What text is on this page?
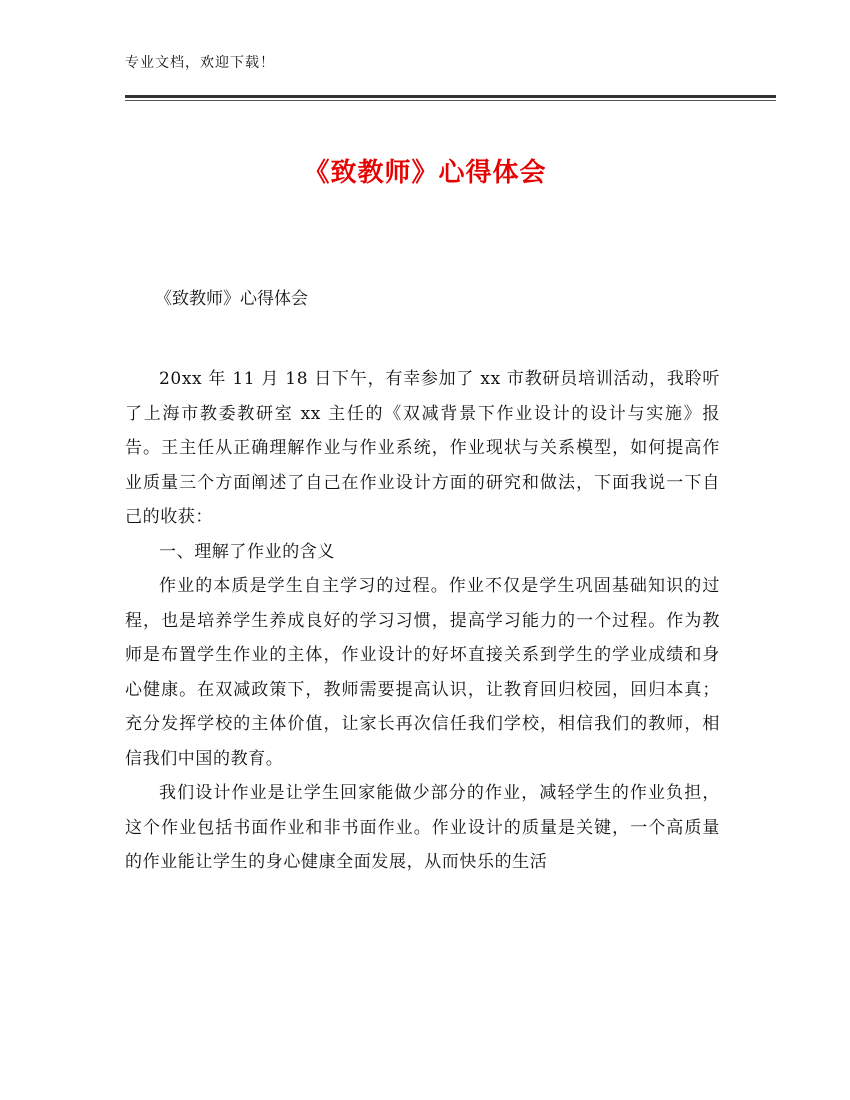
专业文档，欢迎下载！
《致教师》心得体会
《致教师》心得体会

20xx 年 11 月 18 日下午，有幸参加了 xx 市教研员培训活动，我聆听了上海市教委教研室 xx 主任的《双减背景下作业设计的设计与实施》报告。王主任从正确理解作业与作业系统，作业现状与关系模型，如何提高作业质量三个方面阐述了自己在作业设计方面的研究和做法，下面我说一下自己的收获：

一、理解了作业的含义

作业的本质是学生自主学习的过程。作业不仅是学生巩固基础知识的过程，也是培养学生养成良好的学习习惯，提高学习能力的一个过程。作为教师是布置学生作业的主体，作业设计的好坏直接关系到学生的学业成绩和身心健康。在双减政策下，教师需要提高认识，让教育回归校园，回归本真；充分发挥学校的主体价值，让家长再次信任我们学校，相信我们的教师，相信我们中国的教育。

我们设计作业是让学生回家能做少部分的作业，减轻学生的作业负担，这个作业包括书面作业和非书面作业。作业设计的质量是关键，一个高质量的作业能让学生的身心健康全面发展，从而快乐的生活
